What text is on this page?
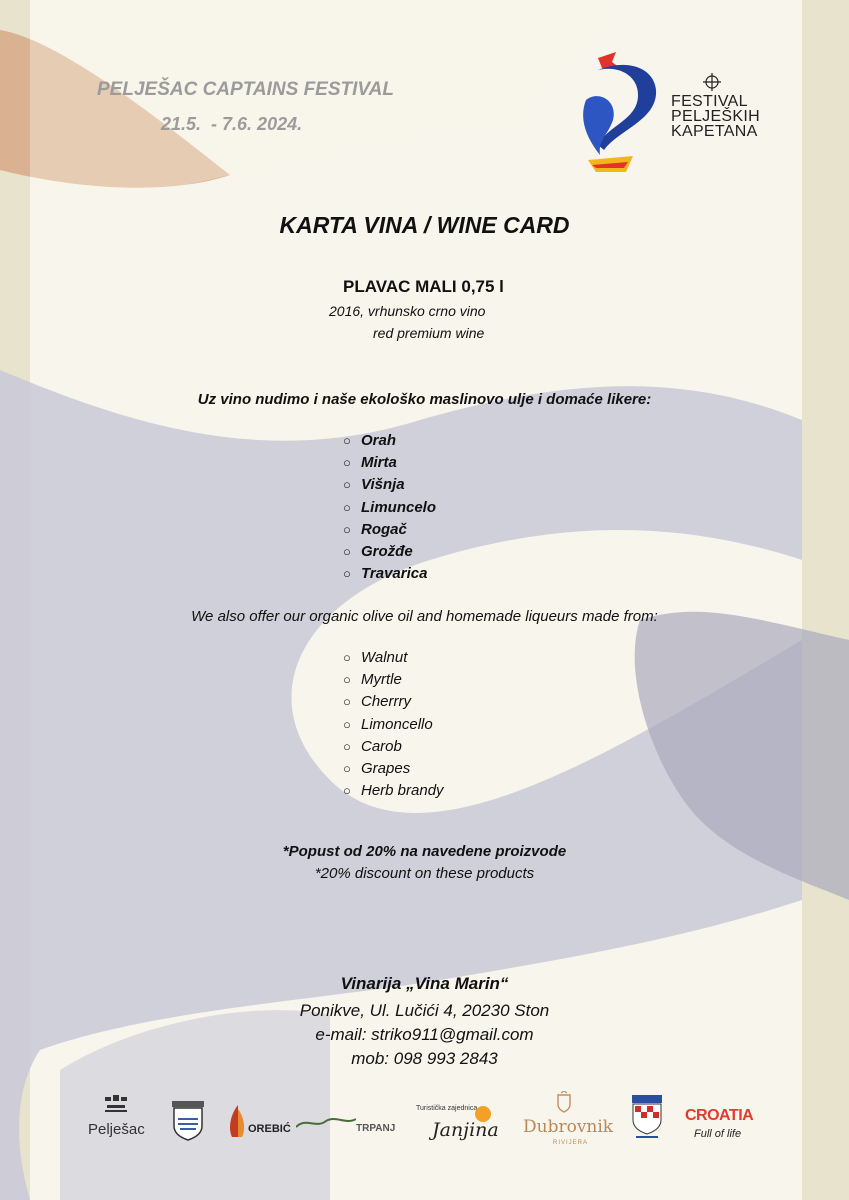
PELJEŠAC CAPTAINS FESTIVAL
21.5.  - 7.6. 2024.
FESTIVAL
PELJEŠKIH
KAPETANA
KARTA VINA / WINE CARD
PLAVAC MALI 0,75 l
2016, vrhunsko crno vino
red premium wine
Uz vino nudimo i naše ekološko maslinovo ulje i domaće likere:
○ Orah
○ Mirta
○ Višnja
○ Limuncelo
○ Rogač
○ Grožđe
○ Travarica
We also offer our organic olive oil and homemade liqueurs made from:
○ Walnut
○ Myrtle
○ Cherrry
○ Limoncello
○ Carob
○ Grapes
○ Herb brandy
*Popust od 20% na navedene proizvode
*20% discount on these products
Vinarija „Vina Marin“
Ponikve, Ul. Lučići 4, 20230 Ston
e-mail: striko911@gmail.com
mob: 098 993 2843
Pelješac	OREBIĆ	TRPANJ
Turistička zajednica
Janjina Dubrovnik
RIVIJERA
CROATIA
Full of life
